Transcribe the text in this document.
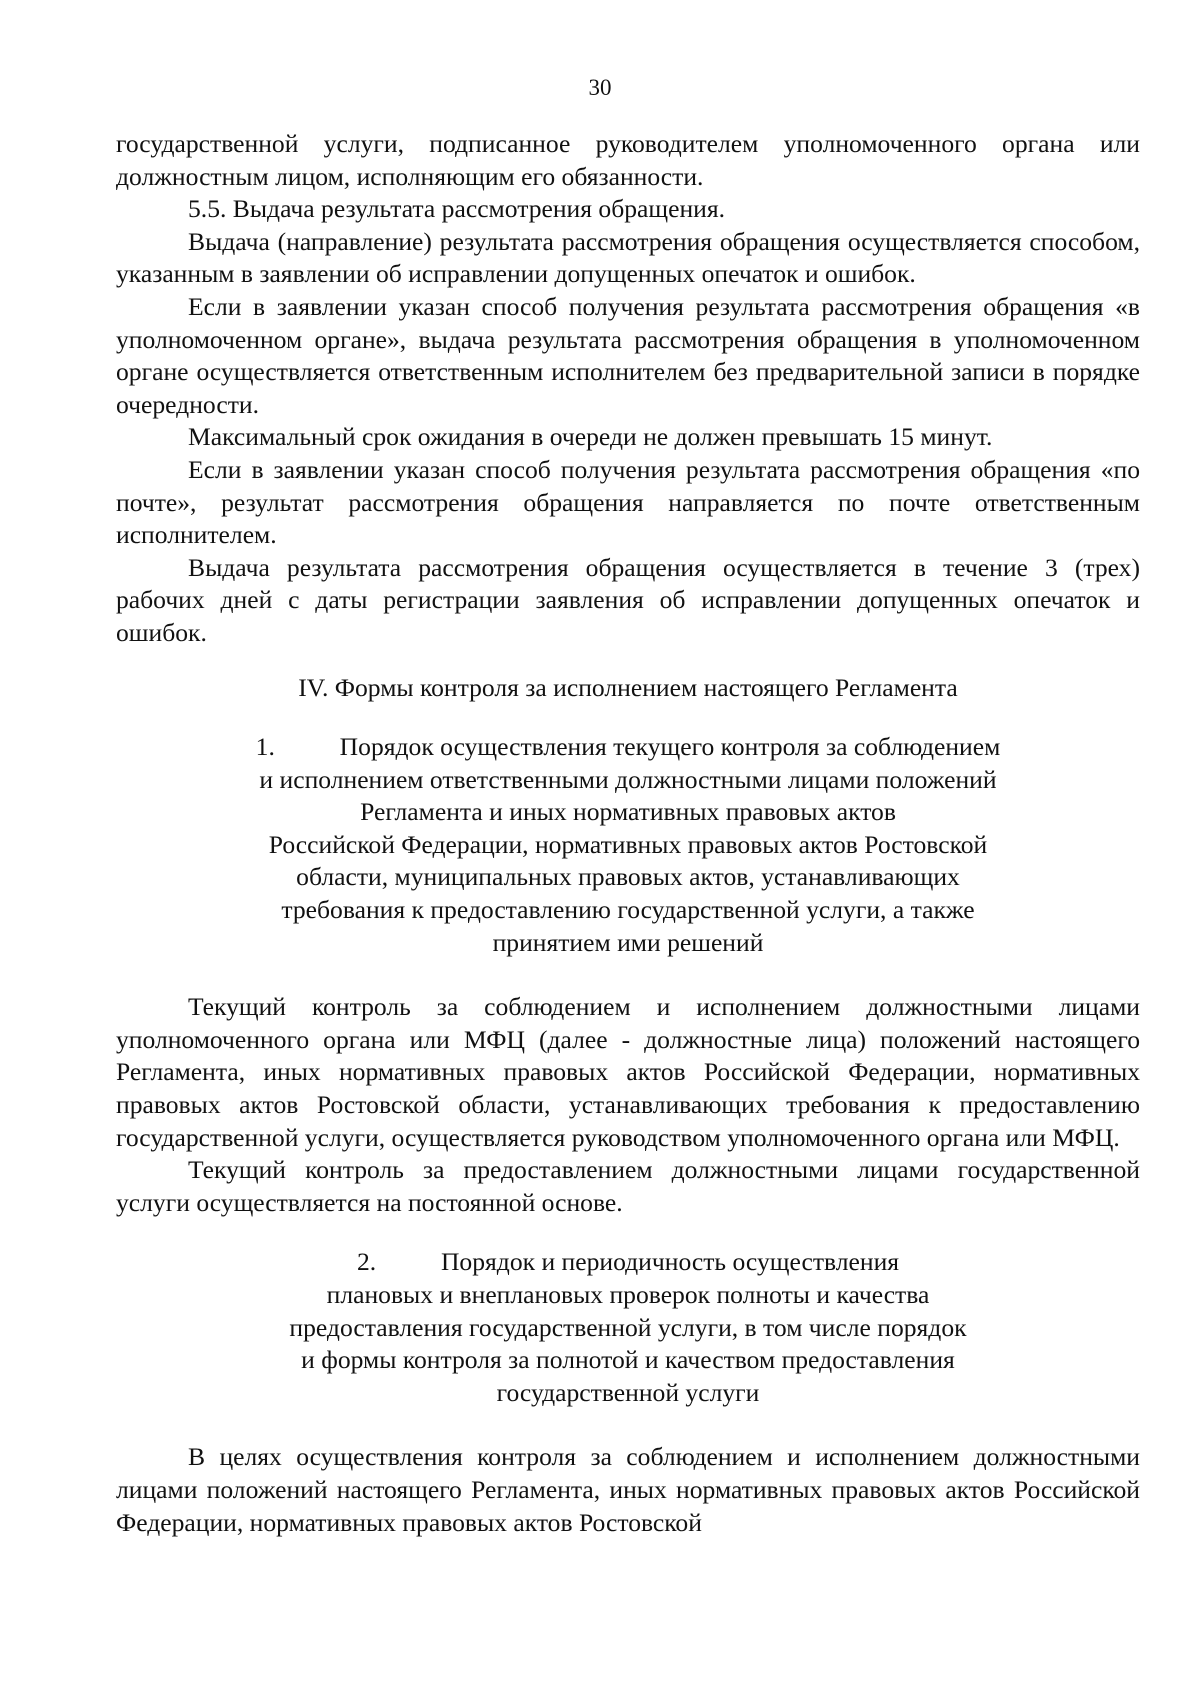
30

государственной услуги, подписанное руководителем уполномоченного органа или должностным лицом, исполняющим его обязанности.

5.5. Выдача результата рассмотрения обращения.

Выдача (направление) результата рассмотрения обращения осуществляется способом, указанным в заявлении об исправлении допущенных опечаток и ошибок.

Если в заявлении указан способ получения результата рассмотрения обращения «в уполномоченном органе», выдача результата рассмотрения обращения в уполномоченном органе осуществляется ответственным исполнителем без предварительной записи в порядке очередности.

Максимальный срок ожидания в очереди не должен превышать 15 минут.

Если в заявлении указан способ получения результата рассмотрения обращения «по почте», результат рассмотрения обращения направляется по почте ответственным исполнителем.

Выдача результата рассмотрения обращения осуществляется в течение 3 (трех) рабочих дней с даты регистрации заявления об исправлении допущенных опечаток и ошибок.

IV. Формы контроля за исполнением настоящего Регламента

1.	Порядок осуществления текущего контроля за соблюдением
и исполнением ответственными должностными лицами положений
Регламента и иных нормативных правовых актов
Российской Федерации, нормативных правовых актов Ростовской
области, муниципальных правовых актов, устанавливающих
требования к предоставлению государственной услуги, а также
принятием ими решений

Текущий контроль за соблюдением и исполнением должностными лицами уполномоченного органа или МФЦ (далее - должностные лица) положений настоящего Регламента, иных нормативных правовых актов Российской Федерации, нормативных правовых актов Ростовской области, устанавливающих требования к предоставлению государственной услуги, осуществляется руководством уполномоченного органа или МФЦ.

Текущий контроль за предоставлением должностными лицами государственной услуги осуществляется на постоянной основе.

2.	Порядок и периодичность осуществления
плановых и внеплановых проверок полноты и качества
предоставления государственной услуги, в том числе порядок
и формы контроля за полнотой и качеством предоставления
государственной услуги

В целях осуществления контроля за соблюдением и исполнением должностными лицами положений настоящего Регламента, иных нормативных правовых актов Российской Федерации, нормативных правовых актов Ростовской
